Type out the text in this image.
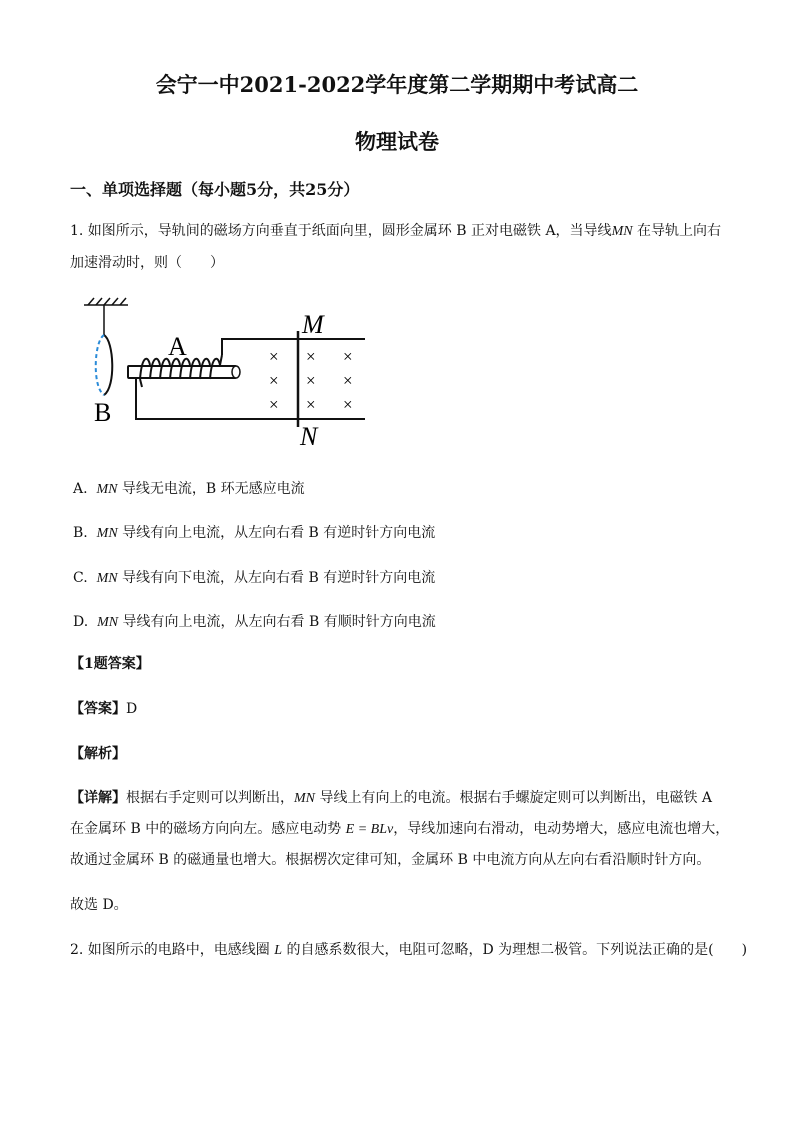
会宁一中2021-2022学年度第二学期期中考试高二
物理试卷
一、单项选择题（每小题5分，共25分）
1. 如图所示，导轨间的磁场方向垂直于纸面向里，圆形金属环 B 正对电磁铁 A，当导线MN 在导轨上向右
加速滑动时，则（　　）
B
A
M
N
× × ×
× × ×
× × ×
A. MN 导线无电流，B 环无感应电流
B. MN 导线有向上电流，从左向右看 B 有逆时针方向电流
C. MN 导线有向下电流，从左向右看 B 有逆时针方向电流
D. MN 导线有向上电流，从左向右看 B 有顺时针方向电流
【1题答案】
【答案】D
【解析】
【详解】根据右手定则可以判断出，MN 导线上有向上的电流。根据右手螺旋定则可以判断出，电磁铁 A
在金属环 B 中的磁场方向向左。感应电动势 E = BLv，导线加速向右滑动，电动势增大，感应电流也增大，
故通过金属环 B 的磁通量也增大。根据楞次定律可知，金属环 B 中电流方向从左向右看沿顺时针方向。
故选 D。
2. 如图所示的电路中，电感线圈 L 的自感系数很大，电阻可忽略，D 为理想二极管。下列说法正确的是(　　)
